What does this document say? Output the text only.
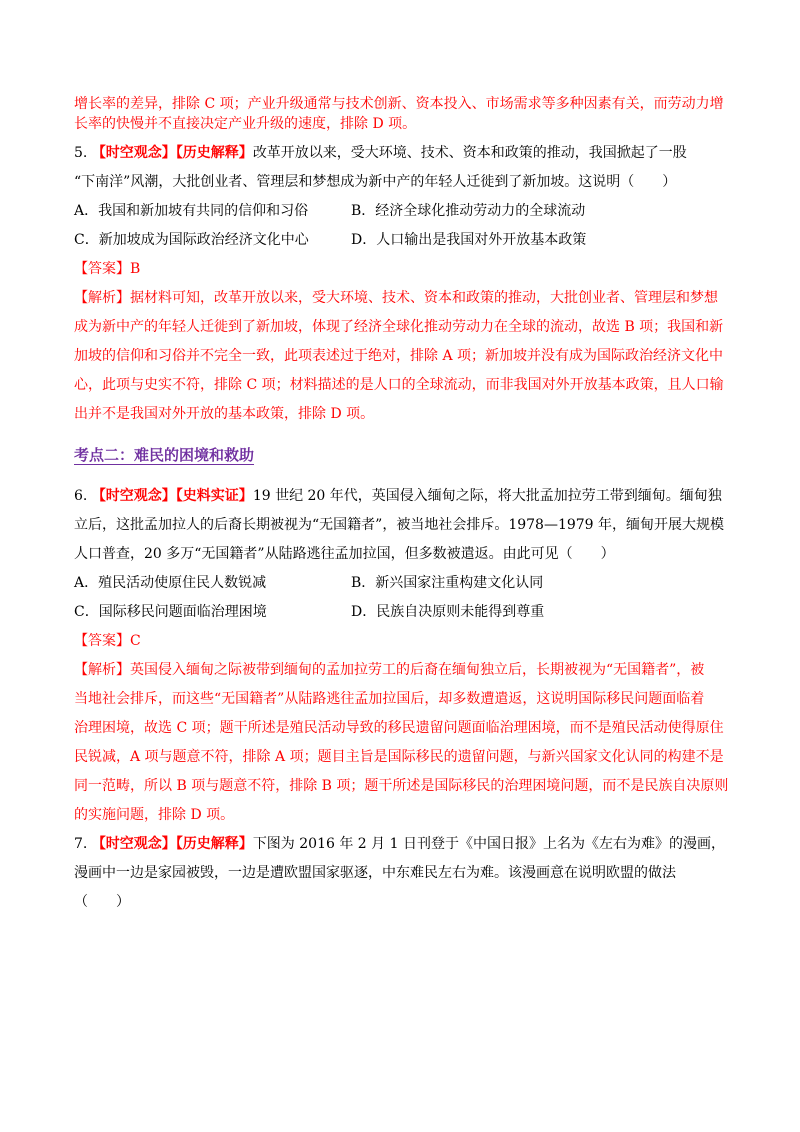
增长率的差异，排除 C 项；产业升级通常与技术创新、资本投入、市场需求等多种因素有关，而劳动力增
长率的快慢并不直接决定产业升级的速度，排除 D 项。
5. 【时空观念】【历史解释】改革开放以来，受大环境、技术、资本和政策的推动，我国掀起了一股
“下南洋”风潮，大批创业者、管理层和梦想成为新中产的年轻人迁徙到了新加坡。这说明（　　）
A．我国和新加坡有共同的信仰和习俗	B．经济全球化推动劳动力的全球流动
C．新加坡成为国际政治经济文化中心	D．人口输出是我国对外开放基本政策
【答案】B
【解析】据材料可知，改革开放以来，受大环境、技术、资本和政策的推动，大批创业者、管理层和梦想
成为新中产的年轻人迁徙到了新加坡，体现了经济全球化推动劳动力在全球的流动，故选 B 项；我国和新
加坡的信仰和习俗并不完全一致，此项表述过于绝对，排除 A 项；新加坡并没有成为国际政治经济文化中
心，此项与史实不符，排除 C 项；材料描述的是人口的全球流动，而非我国对外开放基本政策，且人口输
出并不是我国对外开放的基本政策，排除 D 项。
考点二：难民的困境和救助
6. 【时空观念】【史料实证】19 世纪 20 年代，英国侵入缅甸之际，将大批孟加拉劳工带到缅甸。缅甸独
立后，这批孟加拉人的后裔长期被视为“无国籍者”，被当地社会排斥。1978—1979 年，缅甸开展大规模
人口普查，20 多万“无国籍者”从陆路逃往孟加拉国，但多数被遣返。由此可见（　　）
A．殖民活动使原住民人数锐减	B．新兴国家注重构建文化认同
C．国际移民问题面临治理困境	D．民族自决原则未能得到尊重
【答案】C
【解析】英国侵入缅甸之际被带到缅甸的孟加拉劳工的后裔在缅甸独立后，长期被视为“无国籍者”，被
当地社会排斥，而这些“无国籍者”从陆路逃往孟加拉国后，却多数遭遣返，这说明国际移民问题面临着
治理困境，故选 C 项；题干所述是殖民活动导致的移民遗留问题面临治理困境，而不是殖民活动使得原住
民锐减，A 项与题意不符，排除 A 项；题目主旨是国际移民的遗留问题，与新兴国家文化认同的构建不是
同一范畴，所以 B 项与题意不符，排除 B 项；题干所述是国际移民的治理困境问题，而不是民族自决原则
的实施问题，排除 D 项。
7. 【时空观念】【历史解释】下图为 2016 年 2 月 1 日刊登于《中国日报》上名为《左右为难》的漫画，
漫画中一边是家园被毁，一边是遭欧盟国家驱逐，中东难民左右为难。该漫画意在说明欧盟的做法
（　　）
